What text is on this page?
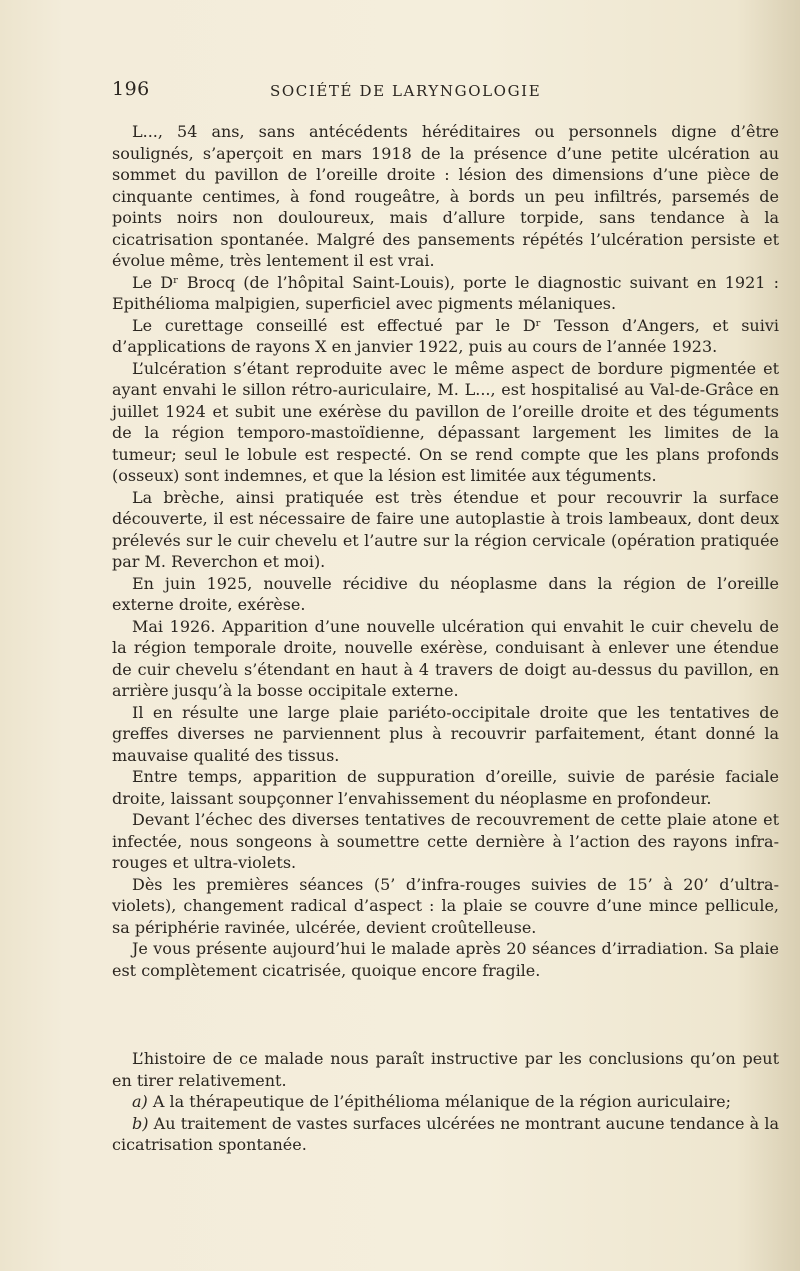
196	SOCIÉTÉ DE LARYNGOLOGIE

L..., 54 ans, sans antécédents héréditaires ou personnels digne d’être soulignés, s’aperçoit en mars 1918 de la présence d’une petite ulcération au sommet du pavillon de l’oreille droite : lésion des dimensions d’une pièce de cinquante centimes, à fond rougeâtre, à bords un peu infiltrés, parsemés de points noirs non douloureux, mais d’allure torpide, sans tendance à la cicatrisation spontanée. Malgré des pansements répétés l’ulcération persiste et évolue même, très lentement il est vrai.

Le Dʳ Brocq (de l’hôpital Saint-Louis), porte le diagnostic suivant en 1921 : Epithélioma malpigien, superficiel avec pigments mélaniques.

Le curettage conseillé est effectué par le Dʳ Tesson d’Angers, et suivi d’applications de rayons X en janvier 1922, puis au cours de l’année 1923.

L’ulcération s’étant reproduite avec le même aspect de bordure pigmentée et ayant envahi le sillon rétro-auriculaire, M. L..., est hospitalisé au Val-de-Grâce en juillet 1924 et subit une exérèse du pavillon de l’oreille droite et des téguments de la région temporo-mastoïdienne, dépassant largement les limites de la tumeur; seul le lobule est respecté. On se rend compte que les plans profonds (osseux) sont indemnes, et que la lésion est limitée aux téguments.

La brèche, ainsi pratiquée est très étendue et pour recouvrir la surface découverte, il est nécessaire de faire une autoplastie à trois lambeaux, dont deux prélevés sur le cuir chevelu et l’autre sur la région cervicale (opération pratiquée par M. Reverchon et moi).

En juin 1925, nouvelle récidive du néoplasme dans la région de l’oreille externe droite, exérèse.

Mai 1926. Apparition d’une nouvelle ulcération qui envahit le cuir chevelu de la région temporale droite, nouvelle exérèse, conduisant à enlever une étendue de cuir chevelu s’étendant en haut à 4 travers de doigt au-dessus du pavillon, en arrière jusqu’à la bosse occipitale externe.

Il en résulte une large plaie pariéto-occipitale droite que les tentatives de greffes diverses ne parviennent plus à recouvrir parfaitement, étant donné la mauvaise qualité des tissus.

Entre temps, apparition de suppuration d’oreille, suivie de parésie faciale droite, laissant soupçonner l’envahissement du néoplasme en profondeur.

Devant l’échec des diverses tentatives de recouvrement de cette plaie atone et infectée, nous songeons à soumettre cette dernière à l’action des rayons infra-rouges et ultra-violets.

Dès les premières séances (5’ d’infra-rouges suivies de 15’ à 20’ d’ultra-violets), changement radical d’aspect : la plaie se couvre d’une mince pellicule, sa périphérie ravinée, ulcérée, devient croûtelleuse.

Je vous présente aujourd’hui le malade après 20 séances d’irradiation. Sa plaie est complètement cicatrisée, quoique encore fragile.

L’histoire de ce malade nous paraît instructive par les conclusions qu’on peut en tirer relativement.

a) A la thérapeutique de l’épithélioma mélanique de la région auriculaire;

b) Au traitement de vastes surfaces ulcérées ne montrant aucune tendance à la cicatrisation spontanée.
